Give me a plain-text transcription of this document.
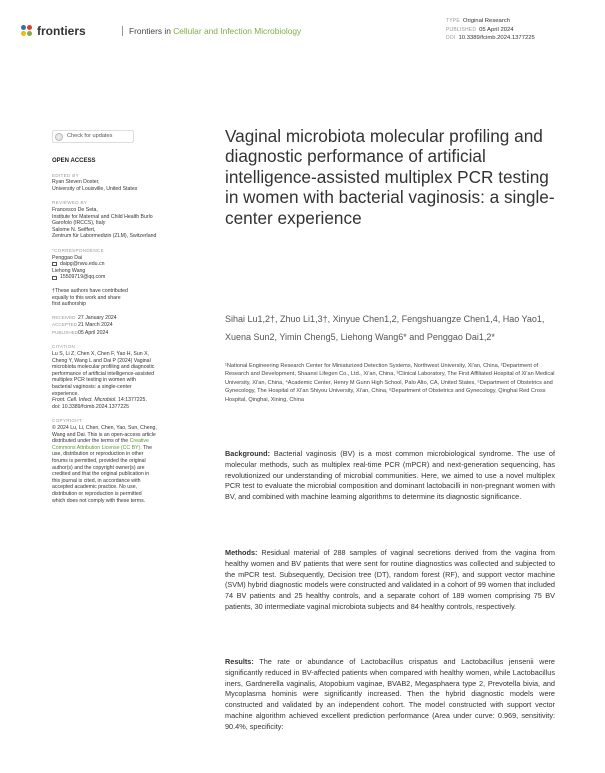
frontiers	Frontiers in Cellular and Infection Microbiology
TYPE Original Research
PUBLISHED 05 April 2024
DOI 10.3389/fcimb.2024.1377225
Check for updates
OPEN ACCESS
EDITED BY
Ryan Steven Doster,
University of Louisville, United States
REVIEWED BY
Francesco De Seta,
Institute for Maternal and Child Health Burlo
Garofolo (IRCCS), Italy
Salome N. Seiffert,
Zentrum für Labormedizin (ZLM), Switzerland
*CORRESPONDENCE
Penggao Dai
daipg@nwu.edu.cn
Liehong Wang
15509719@qq.com
†These authors have contributed
equally to this work and share
first authorship
RECEIVED 27 January 2024
ACCEPTED 21 March 2024
PUBLISHED 05 April 2024
CITATION
Lu S, Li Z, Chen X, Chen F, Yao H, Sun X,
Cheng Y, Wang L and Dai P (2024) Vaginal
microbiota molecular profiling and diagnostic
performance of artificial intelligence-assisted
multiplex PCR testing in women with
bacterial vaginosis: a single-center
experience.
Front. Cell. Infect. Microbiol. 14:1377225.
doi: 10.3389/fcimb.2024.1377225
COPYRIGHT
© 2024 Lu, Li, Chen, Chen, Yao, Sun, Cheng,
Wang and Dai. This is an open-access article
distributed under the terms of the Creative
Commons Attribution License (CC BY). The
use, distribution or reproduction in other
forums is permitted, provided the original
author(s) and the copyright owner(s) are
credited and that the original publication in
this journal is cited, in accordance with
accepted academic practice. No use,
distribution or reproduction is permitted
which does not comply with these terms.
Vaginal microbiota molecular profiling and diagnostic performance of artificial intelligence-assisted multiplex PCR testing in women with bacterial vaginosis: a single-center experience
Sihai Lu1,2†, Zhuo Li1,3†, Xinyue Chen1,2, Fengshuangze Chen1,4, Hao Yao1, Xuena Sun2, Yimin Cheng5, Liehong Wang6* and Penggao Dai1,2*
¹National Engineering Research Center for Miniaturized Detection Systems, Northwest University, Xi'an, China, ²Department of Research and Development, Shaanxi Lifegen Co., Ltd., Xi'an, China, ³Clinical Laboratory, The First Affiliated Hospital of Xi'an Medical University, Xi'an, China, ⁴Academic Center, Henry M Gunn High School, Palo Alto, CA, United States, ⁵Department of Obstetrics and Gynecology, The Hospital of Xi'an Shiyou University, Xi'an, China, ⁶Department of Obstetrics and Gynecology, Qinghai Red Cross Hospital, Qinghai, Xining, China
Background: Bacterial vaginosis (BV) is a most common microbiological syndrome. The use of molecular methods, such as multiplex real-time PCR (mPCR) and next-generation sequencing, has revolutionized our understanding of microbial communities. Here, we aimed to use a novel multiplex PCR test to evaluate the microbial composition and dominant lactobacilli in non-pregnant women with BV, and combined with machine learning algorithms to determine its diagnostic significance.
Methods: Residual material of 288 samples of vaginal secretions derived from the vagina from healthy women and BV patients that were sent for routine diagnostics was collected and subjected to the mPCR test. Subsequently, Decision tree (DT), random forest (RF), and support vector machine (SVM) hybrid diagnostic models were constructed and validated in a cohort of 99 women that included 74 BV patients and 25 healthy controls, and a separate cohort of 189 women comprising 75 BV patients, 30 intermediate vaginal microbiota subjects and 84 healthy controls, respectively.
Results: The rate or abundance of Lactobacillus crispatus and Lactobacillus jensenii were significantly reduced in BV-affected patients when compared with healthy women, while Lactobacillus iners, Gardnerella vaginalis, Atopobium vaginae, BVAB2, Megasphaera type 2, Prevotella bivia, and Mycoplasma hominis were significantly increased. Then the hybrid diagnostic models were constructed and validated by an independent cohort. The model constructed with support vector machine algorithm achieved excellent prediction performance (Area under curve: 0.969, sensitivity: 90.4%, specificity:
